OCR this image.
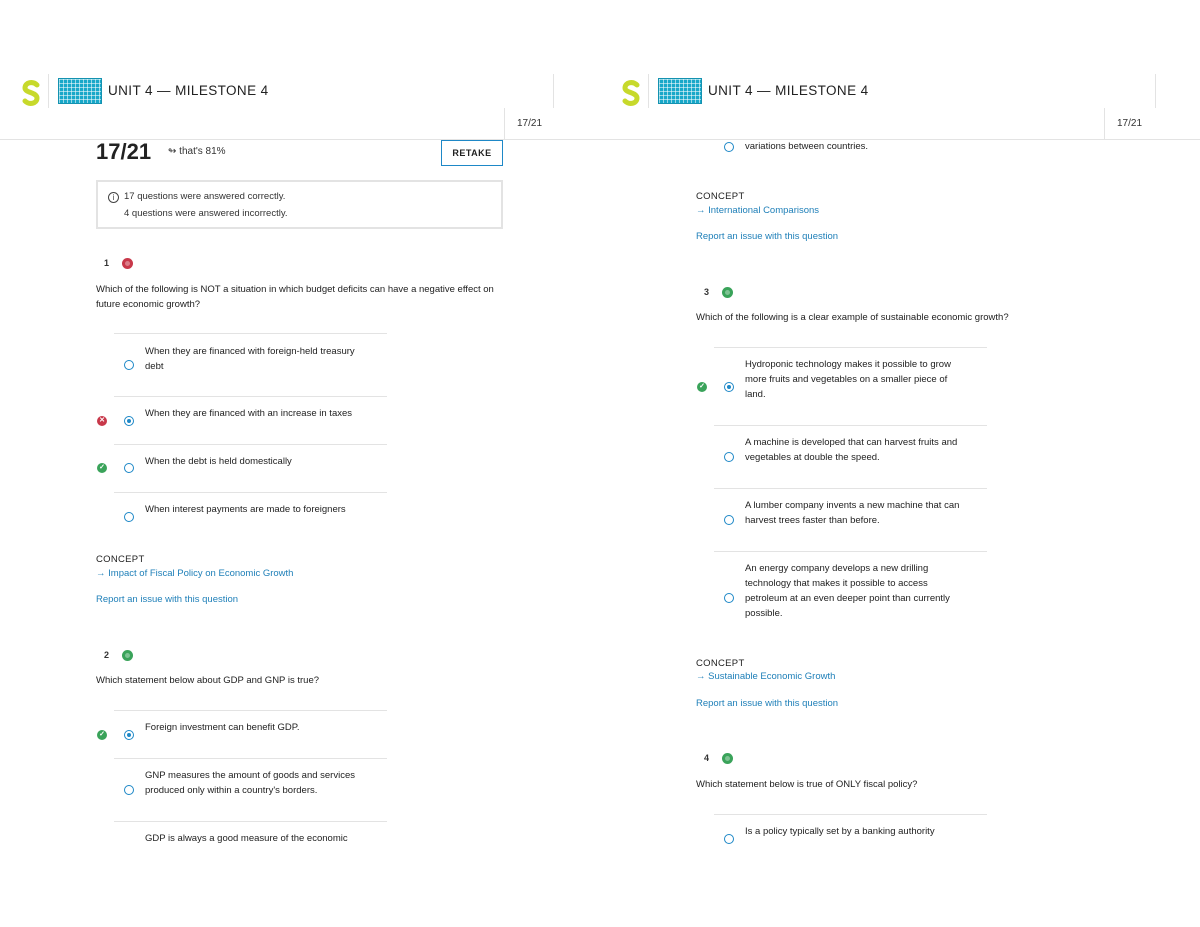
UNIT 4 — MILESTONE 4
17/21
17/21 ↬ that's 81%	RETAKE
i	17 questions were answered correctly.
4 questions were answered incorrectly.
1
Which of the following is NOT a situation in which budget deficits can have a negative effect on future economic growth?
When they are financed with foreign-held treasury debt
✕
When they are financed with an increase in taxes
✓
When the debt is held domestically
When interest payments are made to foreigners
CONCEPT
→ Impact of Fiscal Policy on Economic Growth
Report an issue with this question
2
Which statement below about GDP and GNP is true?
✓
Foreign investment can benefit GDP.
GNP measures the amount of goods and services produced only within a country's borders.
GDP is always a good measure of the economic
UNIT 4 — MILESTONE 4
17/21
variations between countries.
CONCEPT
→ International Comparisons
Report an issue with this question
3
Which of the following is a clear example of sustainable economic growth?
✓
Hydroponic technology makes it possible to grow more fruits and vegetables on a smaller piece of land.
A machine is developed that can harvest fruits and vegetables at double the speed.
A lumber company invents a new machine that can harvest trees faster than before.
An energy company develops a new drilling technology that makes it possible to access petroleum at an even deeper point than currently possible.
CONCEPT
→ Sustainable Economic Growth
Report an issue with this question
4
Which statement below is true of ONLY fiscal policy?
Is a policy typically set by a banking authority
